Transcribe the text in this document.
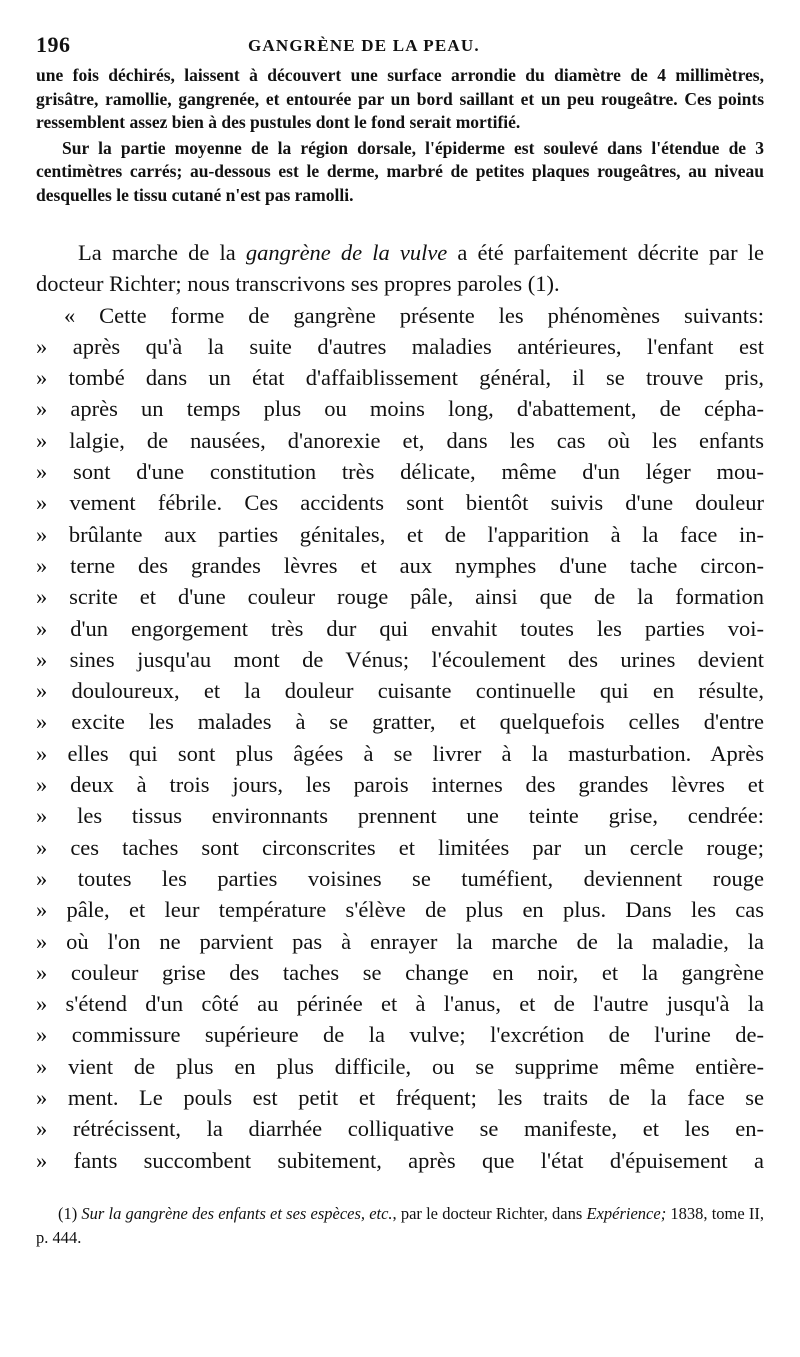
196	GANGRÈNE DE LA PEAU.

une fois déchirés, laissent à découvert une surface arrondie du diamètre de 4 millimètres, grisâtre, ramollie, gangrenée, et entourée par un bord saillant et un peu rougeâtre. Ces points ressemblent assez bien à des pustules dont le fond serait mortifié.

Sur la partie moyenne de la région dorsale, l'épiderme est soulevé dans l'étendue de 3 centimètres carrés; au-dessous est le derme, marbré de petites plaques rougeâtres, au niveau desquelles le tissu cutané n'est pas ramolli.

La marche de la gangrène de la vulve a été parfaitement décrite par le docteur Richter; nous transcrivons ses propres paroles (1).

« Cette forme de gangrène présente les phénomènes suivants:
» après qu'à la suite d'autres maladies antérieures, l'enfant est
» tombé dans un état d'affaiblissement général, il se trouve pris,
» après un temps plus ou moins long, d'abattement, de cépha-
» lalgie, de nausées, d'anorexie et, dans les cas où les enfants
» sont d'une constitution très délicate, même d'un léger mou-
» vement fébrile. Ces accidents sont bientôt suivis d'une douleur
» brûlante aux parties génitales, et de l'apparition à la face in-
» terne des grandes lèvres et aux nymphes d'une tache circon-
» scrite et d'une couleur rouge pâle, ainsi que de la formation
» d'un engorgement très dur qui envahit toutes les parties voi-
» sines jusqu'au mont de Vénus; l'écoulement des urines devient
» douloureux, et la douleur cuisante continuelle qui en résulte,
» excite les malades à se gratter, et quelquefois celles d'entre
» elles qui sont plus âgées à se livrer à la masturbation. Après
» deux à trois jours, les parois internes des grandes lèvres et
» les tissus environnants prennent une teinte grise, cendrée:
» ces taches sont circonscrites et limitées par un cercle rouge;
» toutes les parties voisines se tuméfient, deviennent rouge
» pâle, et leur température s'élève de plus en plus. Dans les cas
» où l'on ne parvient pas à enrayer la marche de la maladie, la
» couleur grise des taches se change en noir, et la gangrène
» s'étend d'un côté au périnée et à l'anus, et de l'autre jusqu'à la
» commissure supérieure de la vulve; l'excrétion de l'urine de-
» vient de plus en plus difficile, ou se supprime même entière-
» ment. Le pouls est petit et fréquent; les traits de la face se
» rétrécissent, la diarrhée colliquative se manifeste, et les en-
» fants succombent subitement, après que l'état d'épuisement a

(1) Sur la gangrène des enfants et ses espèces, etc., par le docteur Richter, dans Expérience; 1838, tome II, p. 444.
